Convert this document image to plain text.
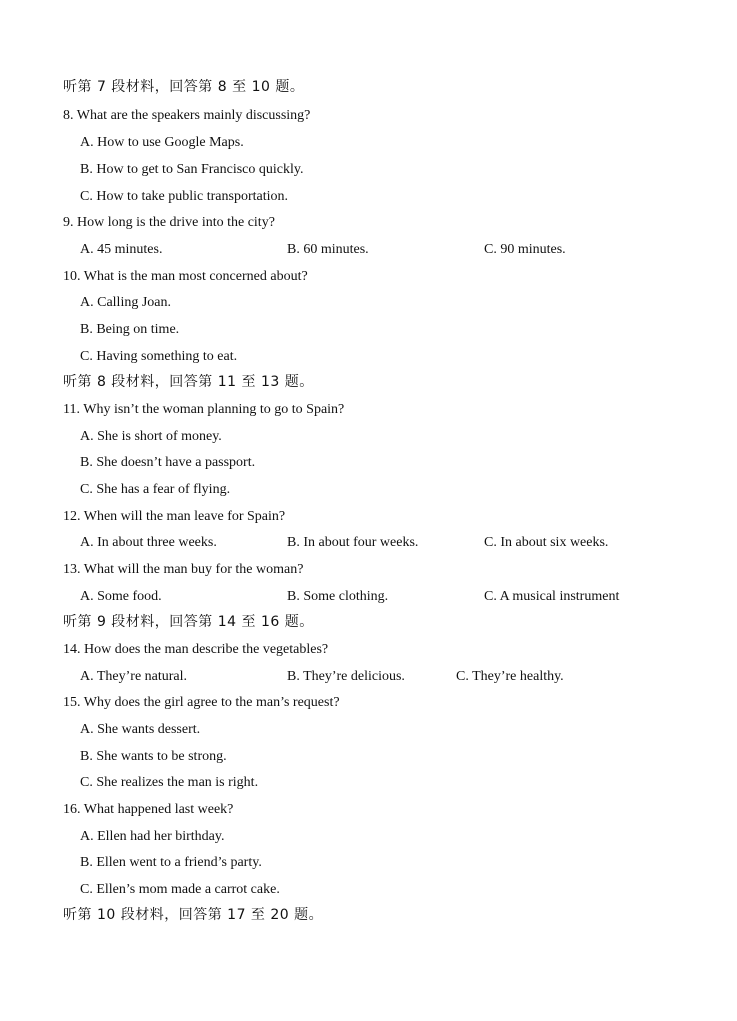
听第 7 段材料，回答第 8 至 10 题。
8. What are the speakers mainly discussing?
A. How to use Google Maps.
B. How to get to San Francisco quickly.
C. How to take public transportation.
9. How long is the drive into the city?
A. 45 minutes.	B. 60 minutes.	C. 90 minutes.
10. What is the man most concerned about?
A. Calling Joan.
B. Being on time.
C. Having something to eat.
听第 8 段材料，回答第 11 至 13 题。
11. Why isn’t the woman planning to go to Spain?
A. She is short of money.
B. She doesn’t have a passport.
C. She has a fear of flying.
12. When will the man leave for Spain?
A. In about three weeks.	B. In about four weeks.	C. In about six weeks.
13. What will the man buy for the woman?
A. Some food.	B. Some clothing.	C. A musical instrument
听第 9 段材料，回答第 14 至 16 题。
14. How does the man describe the vegetables?
A. They’re natural.	B. They’re delicious.	C. They’re healthy.
15. Why does the girl agree to the man’s request?
A. She wants dessert.
B. She wants to be strong.
C. She realizes the man is right.
16. What happened last week?
A. Ellen had her birthday.
B. Ellen went to a friend’s party.
C. Ellen’s mom made a carrot cake.
听第 10 段材料，回答第 17 至 20 题。
